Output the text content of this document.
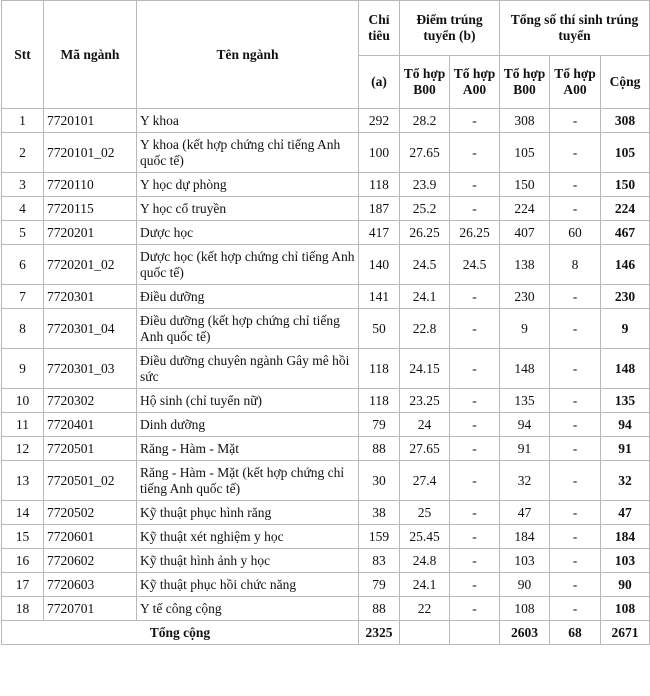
Stt	Mã ngành	Tên ngành	Chỉ tiêu	Điểm trúng tuyển (b)		Tổng số thí sinh trúng tuyển		
			(a)	Tổ hợp B00	Tổ hợp A00	Tổ hợp B00	Tổ hợp A00	Cộng
1	7720101	Y khoa	292	28.2	-	308	-	308
2	7720101_02	Y khoa (kết hợp chứng chỉ tiếng Anh quốc tế)	100	27.65	-	105	-	105
3	7720110	Y học dự phòng	118	23.9	-	150	-	150
4	7720115	Y học cổ truyền	187	25.2	-	224	-	224
5	7720201	Dược học	417	26.25	26.25	407	60	467
6	7720201_02	Dược học (kết hợp chứng chỉ tiếng Anh quốc tế)	140	24.5	24.5	138	8	146
7	7720301	Điều dưỡng	141	24.1	-	230	-	230
8	7720301_04	Điều dưỡng (kết hợp chứng chỉ tiếng Anh quốc tế)	50	22.8	-	9	-	9
9	7720301_03	Điều dưỡng chuyên ngành Gây mê hồi sức	118	24.15	-	148	-	148
10	7720302	Hộ sinh (chỉ tuyển nữ)	118	23.25	-	135	-	135
11	7720401	Dinh dưỡng	79	24	-	94	-	94
12	7720501	Răng - Hàm - Mặt	88	27.65	-	91	-	91
13	7720501_02	Răng - Hàm - Mặt (kết hợp chứng chỉ tiếng Anh quốc tế)	30	27.4	-	32	-	32
14	7720502	Kỹ thuật phục hình răng	38	25	-	47	-	47
15	7720601	Kỹ thuật xét nghiệm y học	159	25.45	-	184	-	184
16	7720602	Kỹ thuật hình ảnh y học	83	24.8	-	103	-	103
17	7720603	Kỹ thuật phục hồi chức năng	79	24.1	-	90	-	90
18	7720701	Y tế công cộng	88	22	-	108	-	108
Tổng cộng			2325			2603	68	2671
